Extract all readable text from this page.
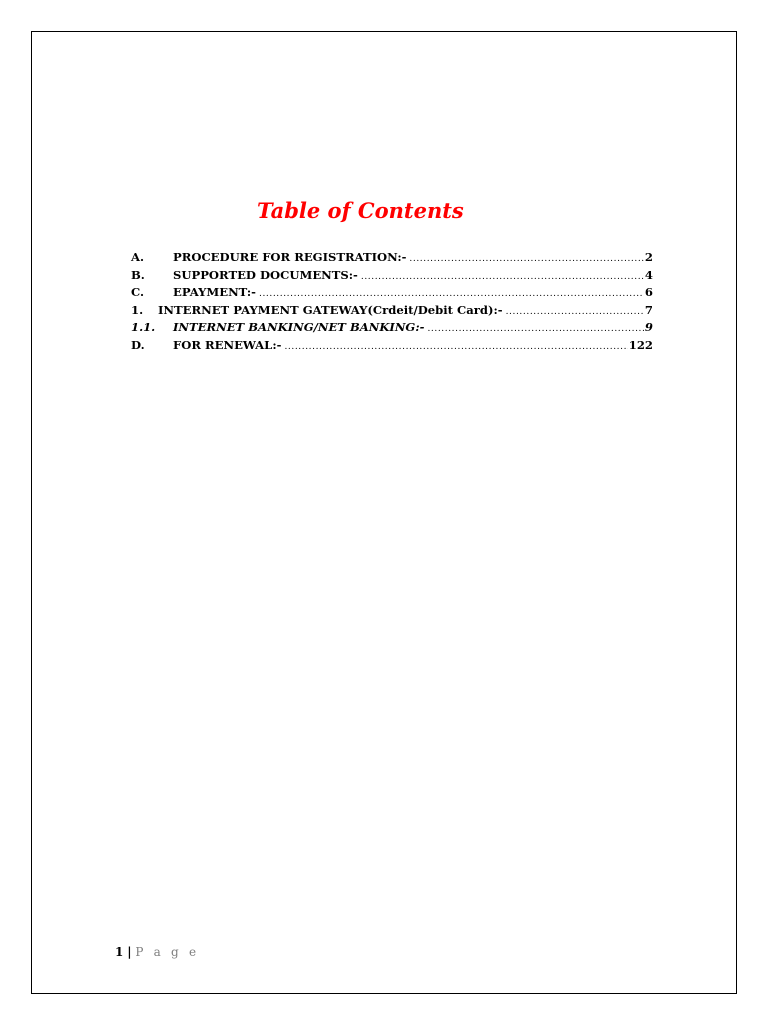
Table of Contents
A.	PROCEDURE FOR REGISTRATION:- .....	2
B.	SUPPORTED DOCUMENTS:- .....	4
C.	EPAYMENT:- .....	6
1.	INTERNET PAYMENT GATEWAY(Crdeit/Debit Card):- .....	7
1.1.	INTERNET BANKING/NET BANKING:- .....	9
D.	FOR RENEWAL:- .....	122
1 | P a g e
